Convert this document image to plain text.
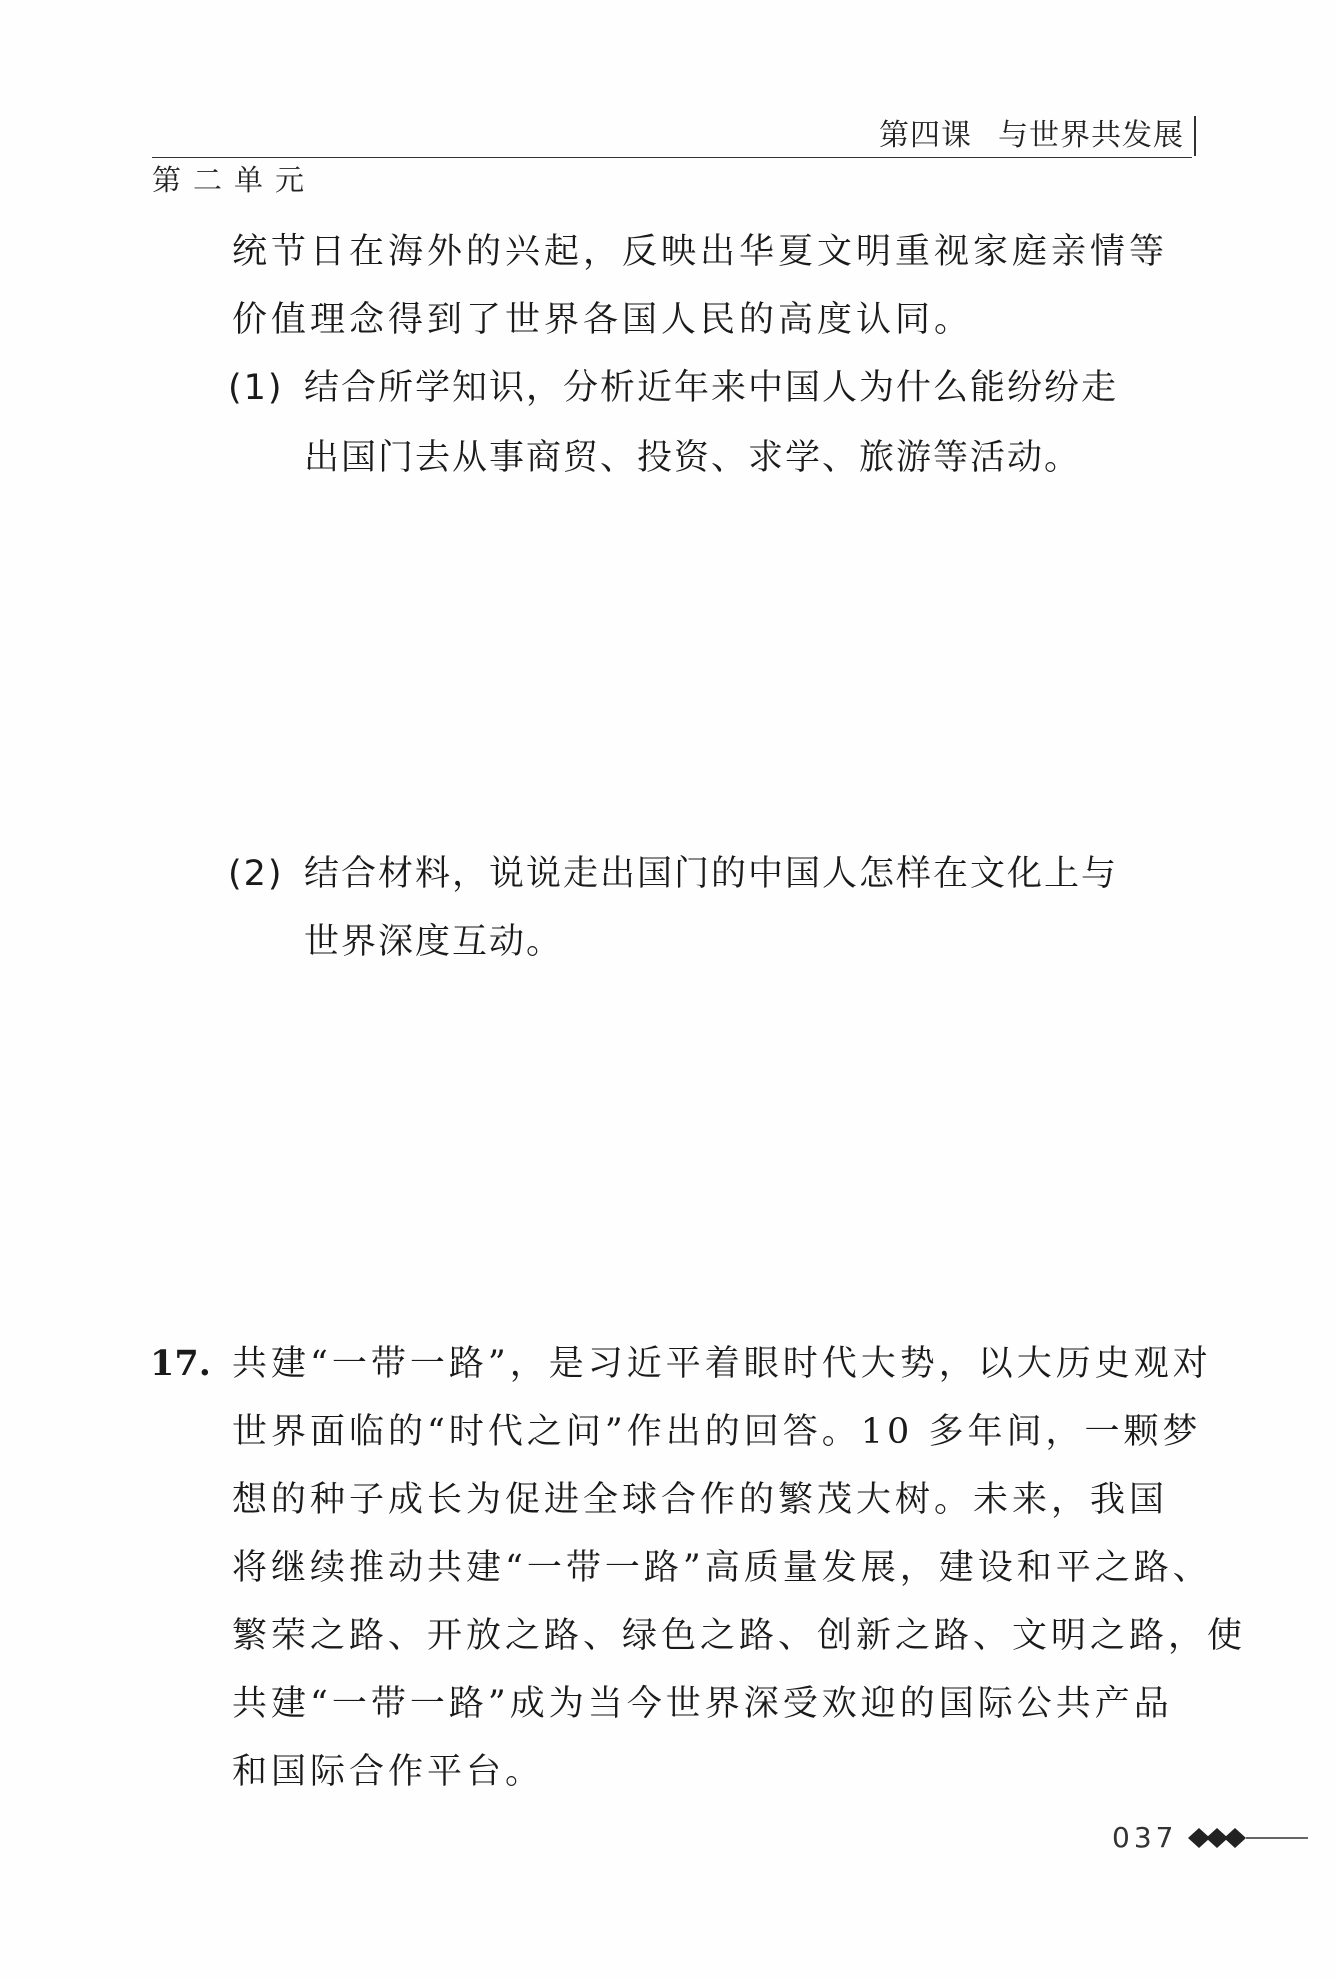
第四课 与世界共发展
第二单元
统节日在海外的兴起，反映出华夏文明重视家庭亲情等
价值理念得到了世界各国人民的高度认同。
(1) 结合所学知识，分析近年来中国人为什么能纷纷走
出国门去从事商贸、投资、求学、旅游等活动。
(2) 结合材料，说说走出国门的中国人怎样在文化上与
世界深度互动。
17. 共建“一带一路”，是习近平着眼时代大势，以大历史观对
世界面临的“时代之问”作出的回答。10 多年间，一颗梦
想的种子成长为促进全球合作的繁茂大树。未来，我国
将继续推动共建“一带一路”高质量发展，建设和平之路、
繁荣之路、开放之路、绿色之路、创新之路、文明之路，使
共建“一带一路”成为当今世界深受欢迎的国际公共产品
和国际合作平台。
037
